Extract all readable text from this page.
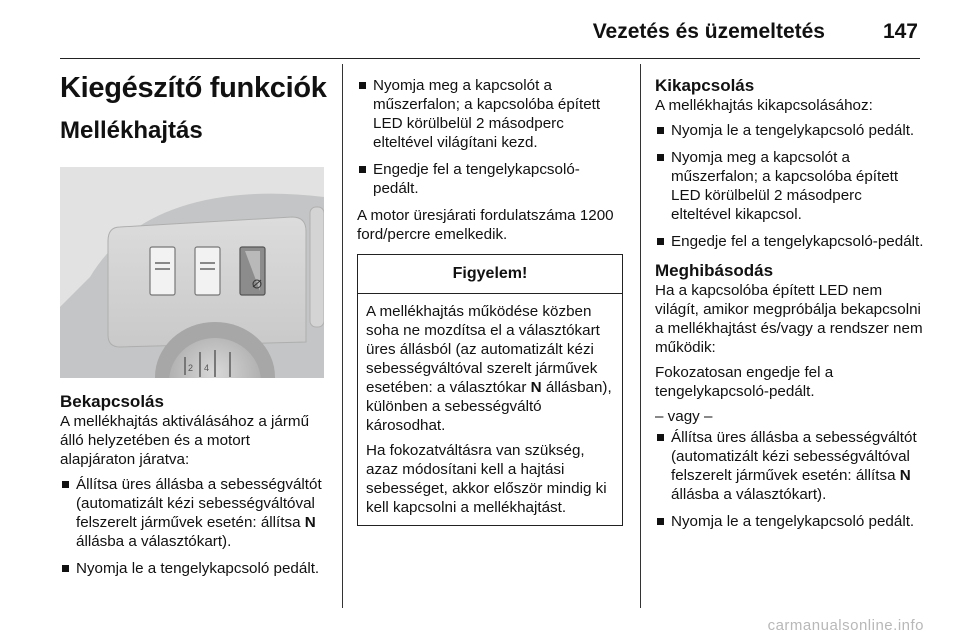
Vezetés és üzemeltetés	147
Kiegészítő funkciók
Mellékhajtás
2 4
Bekapcsolás

A mellékhajtás aktiválásához a jármű álló helyzetében és a motort alapjáraton járatva:

Állítsa üres állásba a sebességváltót (automatizált kézi sebességváltóval felszerelt járművek esetén: állítsa N állásba a választókart).
Nyomja le a tengelykapcsoló pedált.
Nyomja meg a kapcsolót a műszerfalon; a kapcsolóba épített LED körülbelül 2 másodperc elteltével világítani kezd.
Engedje fel a tengelykapcsoló-pedált.

A motor üresjárati fordulatszáma 1200 ford/percre emelkedik.

Figyelem!

A mellékhajtás működése közben soha ne mozdítsa el a választókart üres állásból (az automatizált kézi sebességváltóval szerelt járművek esetében: a választókar N állásban), különben a sebességváltó károsodhat.

Ha fokozatváltásra van szükség, azaz módosítani kell a hajtási sebességet, akkor először mindig ki kell kapcsolni a mellékhajtást.

Kikapcsolás

A mellékhajtás kikapcsolásához:

Nyomja le a tengelykapcsoló pedált.
Nyomja meg a kapcsolót a műszerfalon; a kapcsolóba épített LED körülbelül 2 másodperc elteltével kikapcsol.
Engedje fel a tengelykapcsoló-pedált.
Meghibásodás

Ha a kapcsolóba épített LED nem világít, amikor megpróbálja bekapcsolni a mellékhajtást és/vagy a rendszer nem működik:

Fokozatosan engedje fel a tengelykapcsoló-pedált.

– vagy –

Állítsa üres állásba a sebességváltót (automatizált kézi sebességváltóval felszerelt járművek esetén: állítsa N állásba a választókart).
Nyomja le a tengelykapcsoló pedált.
carmanualsonline.info
